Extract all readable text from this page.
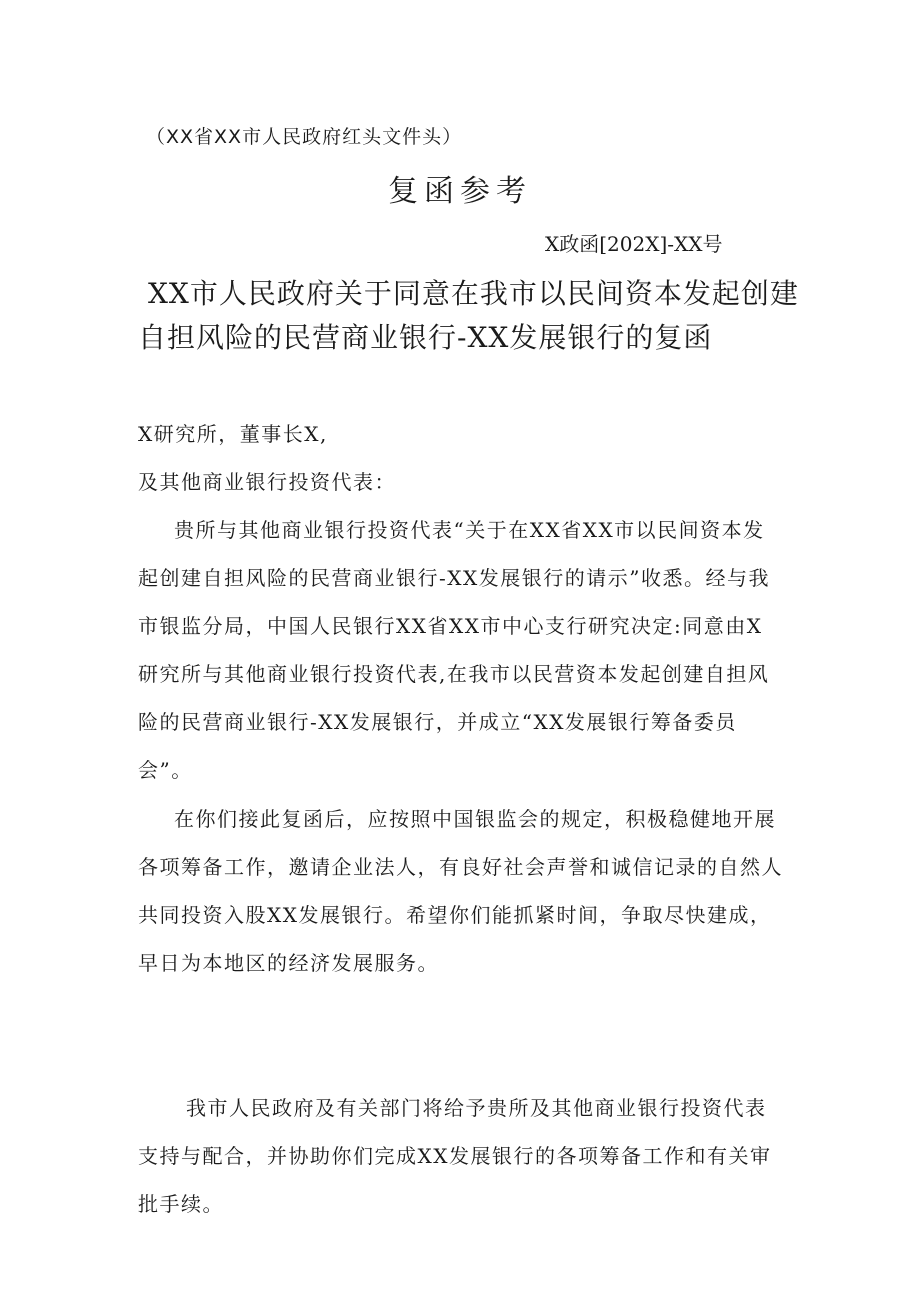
（XX省XX市人民政府红头文件头）
复函参考
X政函[202X]-XX号
XX市人民政府关于同意在我市以民间资本发起创建
自担风险的民营商业银行-XX发展银行的复函
X研究所，董事长X,
及其他商业银行投资代表：
贵所与其他商业银行投资代表“关于在XX省XX市以民间资本发
起创建自担风险的民营商业银行-XX发展银行的请示”收悉。经与我
市银监分局，中国人民银行XX省XX市中心支行研究决定:同意由X
研究所与其他商业银行投资代表,在我市以民营资本发起创建自担风
险的民营商业银行-XX发展银行，并成立“XX发展银行筹备委员
会”。
在你们接此复函后，应按照中国银监会的规定，积极稳健地开展
各项筹备工作，邀请企业法人，有良好社会声誉和诚信记录的自然人
共同投资入股XX发展银行。希望你们能抓紧时间，争取尽快建成，
早日为本地区的经济发展服务。
我市人民政府及有关部门将给予贵所及其他商业银行投资代表
支持与配合，并协助你们完成XX发展银行的各项筹备工作和有关审
批手续。
